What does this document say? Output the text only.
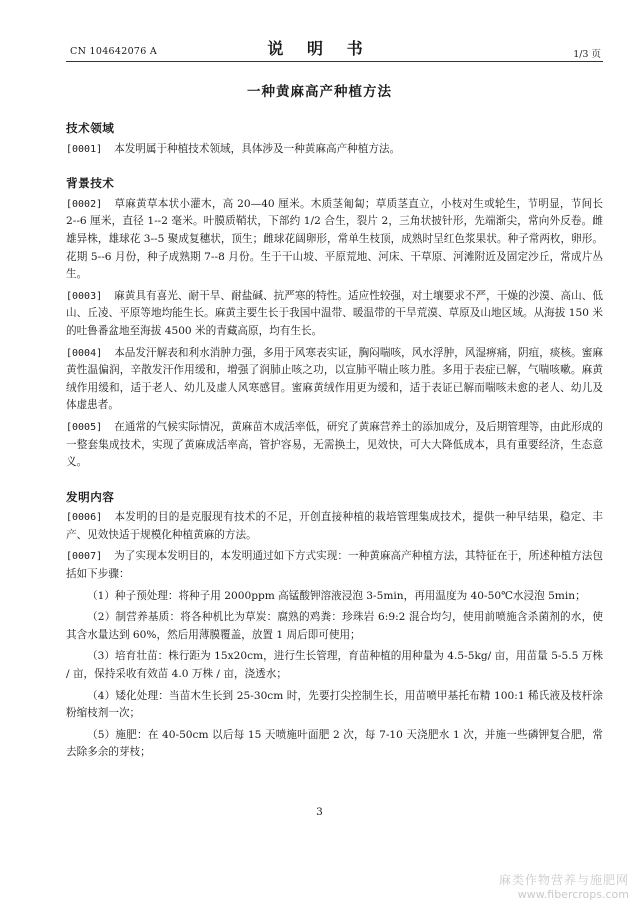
CN 104642076 A	说 明 书	1/3 页
一种黄麻高产种植方法
技术领域
[0001] 本发明属于种植技术领域，具体涉及一种黄麻高产种植方法。
背景技术
[0002] 草麻黄草本状小灌木，高 20—40 厘米。木质茎匍匐；草质茎直立，小枝对生或轮生，节明显，节间长 2--6 厘米，直径 1--2 毫米。叶膜质鞘状，下部约 1/2 合生，裂片 2，三角状披针形，先端渐尖，常向外反卷。雌雄异株，雄球花 3--5 聚成复穗状，顶生；雌球花阔卵形，常单生枝顶，成熟时呈红色浆果状。种子常两枚，卵形。花期 5--6 月份，种子成熟期 7--8 月份。生于干山坡、平原荒地、河床、干草原、河滩附近及固定沙丘，常成片丛生。
[0003] 麻黄具有喜光、耐干旱、耐盐碱、抗严寒的特性。适应性较强，对土壤要求不严，干燥的沙漠、高山、低山、丘凌、平原等地均能生长。麻黄主要生长于我国中温带、暖温带的干旱荒漠、草原及山地区域。从海拔 150 米的吐鲁番盆地至海拔 4500 米的青藏高原，均有生长。
[0004] 本品发汗解表和利水消肿力强，多用于风寒表实证，胸闷喘咳，风水浮肿，风湿痹痛，阴疽，痰核。蜜麻黄性温偏润，辛散发汗作用缓和，增强了润肺止咳之功，以宣肺平喘止咳力胜。多用于表症已解，气喘咳嗽。麻黄绒作用缓和，适于老人、幼儿及虚人风寒感冒。蜜麻黄绒作用更为缓和，适于表证已解而喘咳未愈的老人、幼儿及体虚患者。
[0005] 在通常的气候实际情况，黄麻苗木成活率低，研究了黄麻营养土的添加成分，及后期管理等，由此形成的一整套集成技术，实现了黄麻成活率高，管护容易，无需换土，见效快，可大大降低成本，具有重要经济，生态意义。
发明内容
[0006] 本发明的目的是克服现有技术的不足，开创直接种植的栽培管理集成技术，提供一种早结果，稳定、丰产、见效快适于规模化种植黄麻的方法。
[0007] 为了实现本发明目的，本发明通过如下方式实现：一种黄麻高产种植方法，其特征在于，所述种植方法包括如下步骤：
（1）种子预处理：将种子用 2000ppm 高锰酸钾溶液浸泡 3-5min，再用温度为 40-50℃水浸泡 5min；
（2）制营养基质：将各种机比为草炭：腐熟的鸡粪：珍珠岩 6:9:2 混合均匀，使用前喷施含杀菌剂的水，使其含水量达到 60%，然后用薄膜覆盖，放置 1 周后即可使用；
（3）培育壮苗：株行距为 15x20cm，进行生长管理，育苗种植的用种量为 4.5-5kg/ 亩，用苗量 5-5.5 万株 / 亩，保持采收有效苗 4.0 万株 / 亩，浇透水；
（4）矮化处理：当苗木生长到 25-30cm 时，先要打尖控制生长，用苗喷甲基托布精 100:1 稀氏液及枝杆涂粉缩枝剂一次；
（5）施肥：在 40-50cm 以后每 15 天喷施叶面肥 2 次，每 7-10 天浇肥水 1 次，并施一些磷钾复合肥，常去除多余的芽枝；
3
麻类作物营养与施肥网
www.fibercrops.com
